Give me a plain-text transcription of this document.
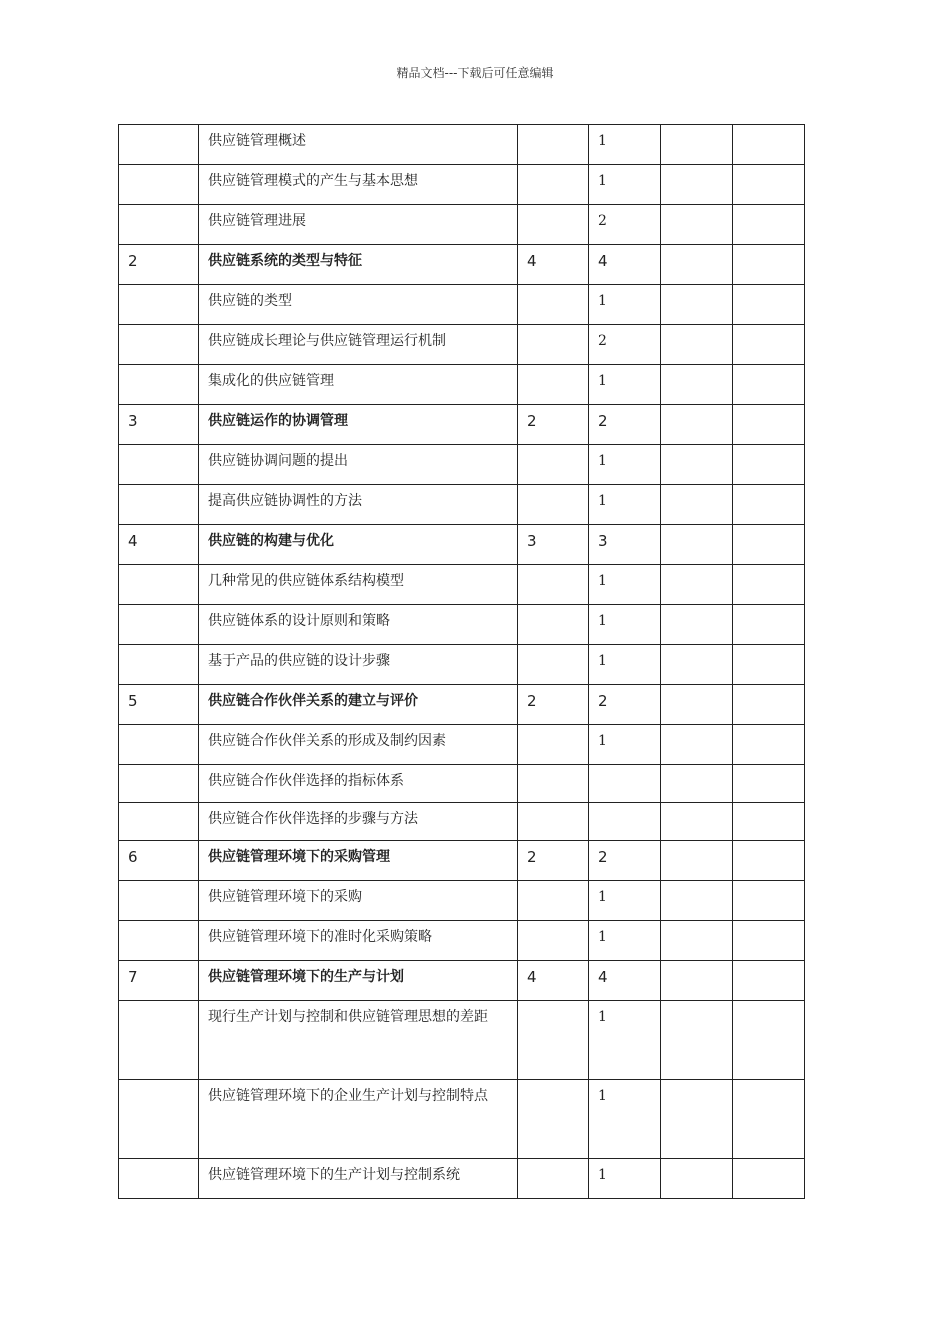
精品文档---下载后可任意编辑
	供应链管理概述		1		
	供应链管理模式的产生与基本思想		1		
	供应链管理进展		2		
2	供应链系统的类型与特征	4	4		
	供应链的类型		1		
	供应链成长理论与供应链管理运行机制		2		
	集成化的供应链管理		1		
3	供应链运作的协调管理	2	2		
	供应链协调问题的提出		1		
	提高供应链协调性的方法		1		
4	供应链的构建与优化	3	3		
	几种常见的供应链体系结构模型		1		
	供应链体系的设计原则和策略		1		
	基于产品的供应链的设计步骤		1		
5	供应链合作伙伴关系的建立与评价	2	2		
	供应链合作伙伴关系的形成及制约因素		1		
	供应链合作伙伴选择的指标体系				
	供应链合作伙伴选择的步骤与方法				
6	供应链管理环境下的采购管理	2	2		
	供应链管理环境下的采购		1		
	供应链管理环境下的准时化采购策略		1		
7	供应链管理环境下的生产与计划	4	4		

	现行生产计划与控制和供应链管理思想的差距		1		

	供应链管理环境下的企业生产计划与控制特点		1		
	供应链管理环境下的生产计划与控制系统		1		
